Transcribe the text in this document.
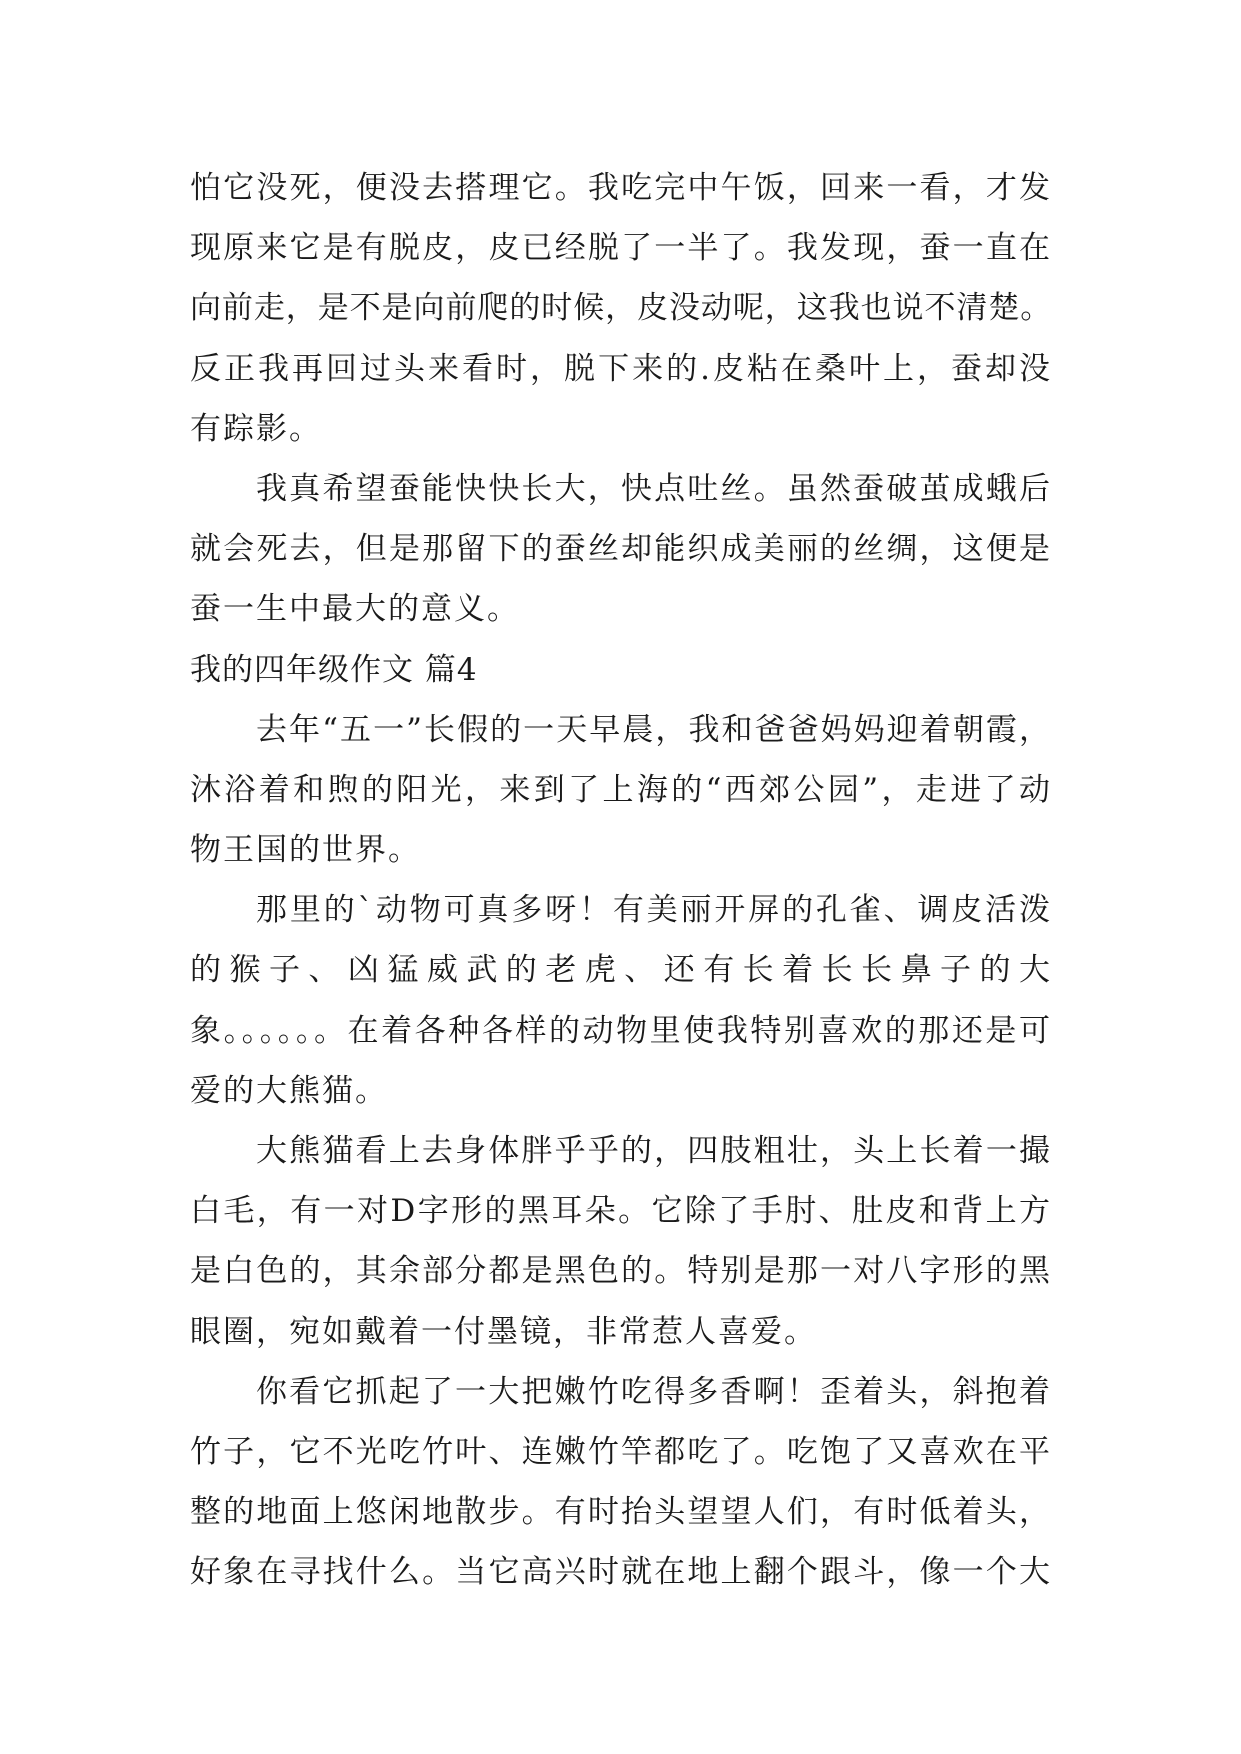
怕它没死，便没去搭理它。我吃完中午饭，回来一看，才发
现原来它是有脱皮，皮已经脱了一半了。我发现，蚕一直在
向前走，是不是向前爬的时候，皮没动呢，这我也说不清楚。
反正我再回过头来看时，脱下来的.皮粘在桑叶上，蚕却没
有踪影。
我真希望蚕能快快长大，快点吐丝。虽然蚕破茧成蛾后
就会死去，但是那留下的蚕丝却能织成美丽的丝绸，这便是
蚕一生中最大的意义。
我的四年级作文 篇4
去年“五一”长假的一天早晨，我和爸爸妈妈迎着朝霞，
沐浴着和煦的阳光，来到了上海的“西郊公园”，走进了动
物王国的世界。
那里的`动物可真多呀！有美丽开屏的孔雀、调皮活泼
的猴子、凶猛威武的老虎、还有长着长长鼻子的大
象。。。。。。在着各种各样的动物里使我特别喜欢的那还是可
爱的大熊猫。
大熊猫看上去身体胖乎乎的，四肢粗壮，头上长着一撮
白毛，有一对D字形的黑耳朵。它除了手肘、肚皮和背上方
是白色的，其余部分都是黑色的。特别是那一对八字形的黑
眼圈，宛如戴着一付墨镜，非常惹人喜爱。
你看它抓起了一大把嫩竹吃得多香啊！歪着头，斜抱着
竹子，它不光吃竹叶、连嫩竹竿都吃了。吃饱了又喜欢在平
整的地面上悠闲地散步。有时抬头望望人们，有时低着头，
好象在寻找什么。当它高兴时就在地上翻个跟斗，像一个大
